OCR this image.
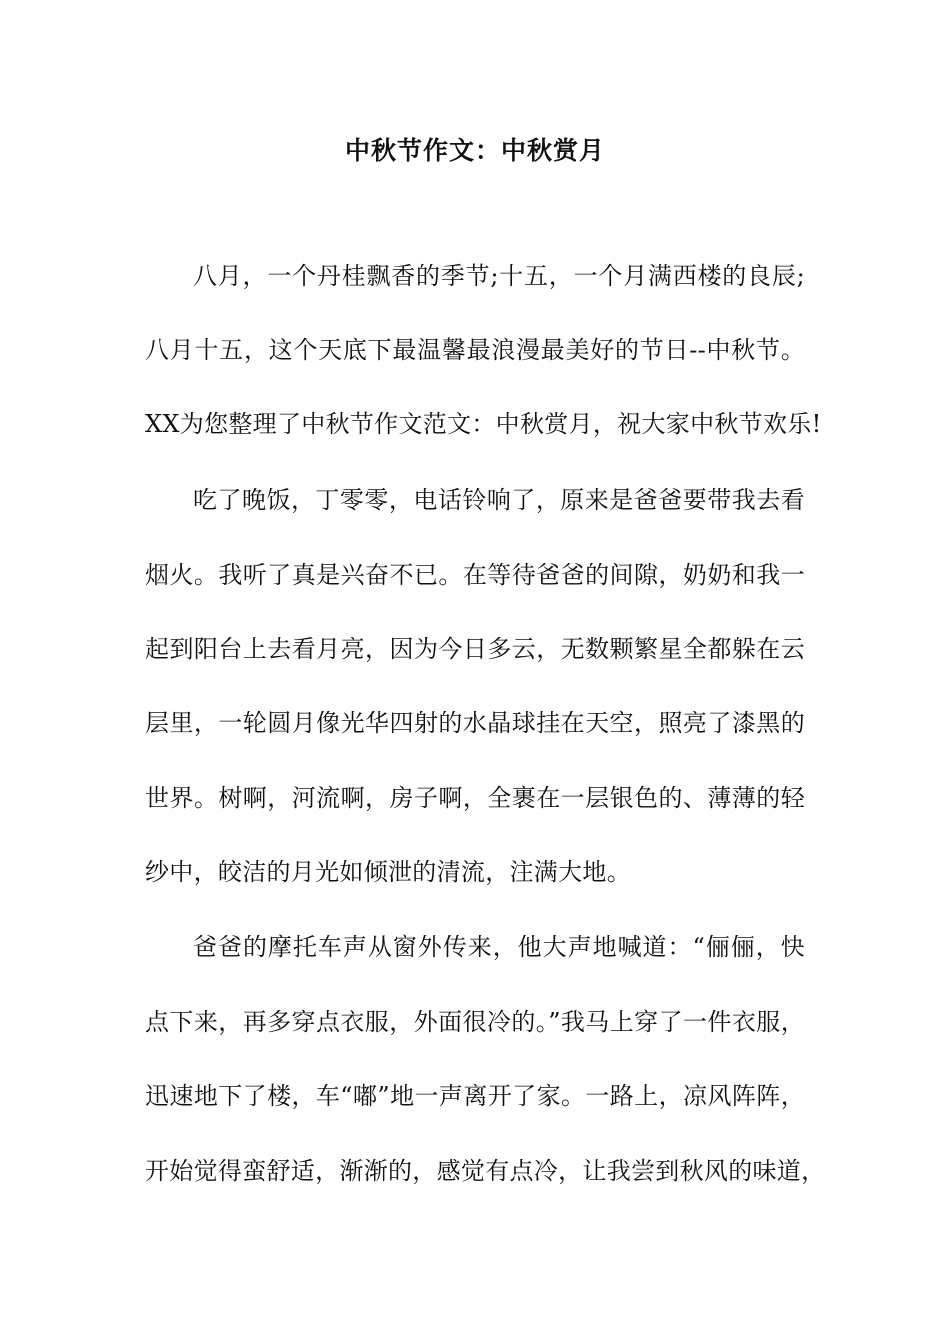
中秋节作文：中秋赏月
八月，一个丹桂飘香的季节;十五，一个月满西楼的良辰;
八月十五，这个天底下最温馨最浪漫最美好的节日--中秋节。
XX为您整理了中秋节作文范文：中秋赏月，祝大家中秋节欢乐!
吃了晚饭，丁零零，电话铃响了，原来是爸爸要带我去看
烟火。我听了真是兴奋不已。在等待爸爸的间隙，奶奶和我一
起到阳台上去看月亮，因为今日多云，无数颗繁星全都躲在云
层里，一轮圆月像光华四射的水晶球挂在天空，照亮了漆黑的
世界。树啊，河流啊，房子啊，全裹在一层银色的、薄薄的轻
纱中，皎洁的月光如倾泄的清流，注满大地。
爸爸的摩托车声从窗外传来，他大声地喊道：“俪俪，快
点下来，再多穿点衣服，外面很冷的。”我马上穿了一件衣服，
迅速地下了楼，车“嘟”地一声离开了家。一路上，凉风阵阵，
开始觉得蛮舒适，渐渐的，感觉有点冷，让我尝到秋风的味道，
